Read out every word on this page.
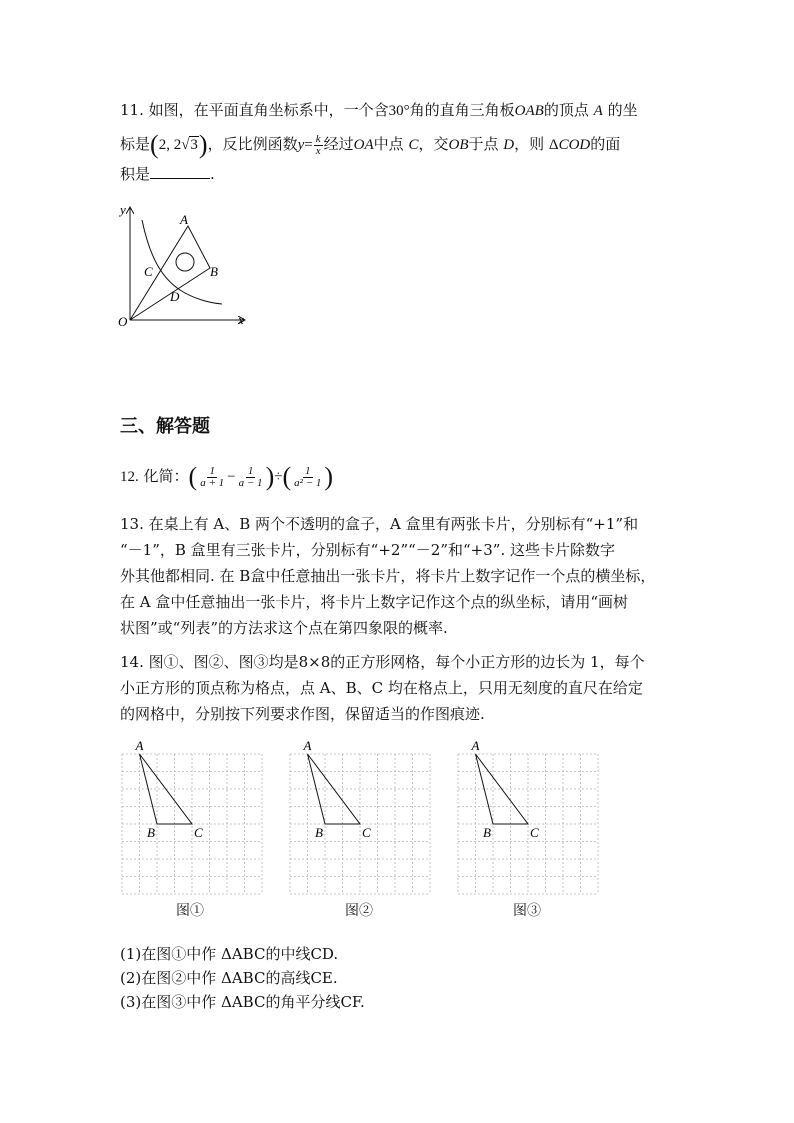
11. 如图，在平面直角坐标系中，一个含30°角的直角三角板OAB的顶点 A 的坐
标是(2, 2√3)，反比例函数$y= \frac{k}{x}$ 经过OA中点 C，交OB于点 D，则 ΔCOD的面
积是	.
y
x
O
A
B
C
D
三、解答题
12. 化简：( $\frac{1}{a + 1} - \frac{1}{a - 1}$ )÷( $\frac{1}{\text{a² − 1}}$ )
13. 在桌上有 A、B 两个不透明的盒子，A 盒里有两张卡片，分别标有“+1”和
“－1”，B 盒里有三张卡片，分别标有“+2”“－2”和“+3”. 这些卡片除数字
外其他都相同. 在 B盒中任意抽出一张卡片，将卡片上数字记作一个点的横坐标，
在 A 盒中任意抽出一张卡片，将卡片上数字记作这个点的纵坐标，请用“画树
状图”或“列表”的方法求这个点在第四象限的概率.
14. 图①、图②、图③均是8×8的正方形网格，每个小正方形的边长为 1，每个
小正方形的顶点称为格点，点 A、B、C 均在格点上，只用无刻度的直尺在给定
的网格中，分别按下列要求作图，保留适当的作图痕迹.
A
B	C
A
B	C
A
B	C
图①	图②	图③
(1)在图①中作 ΔABC的中线CD.
(2)在图②中作 ΔABC的高线CE.
(3)在图③中作 ΔABC的角平分线CF.
